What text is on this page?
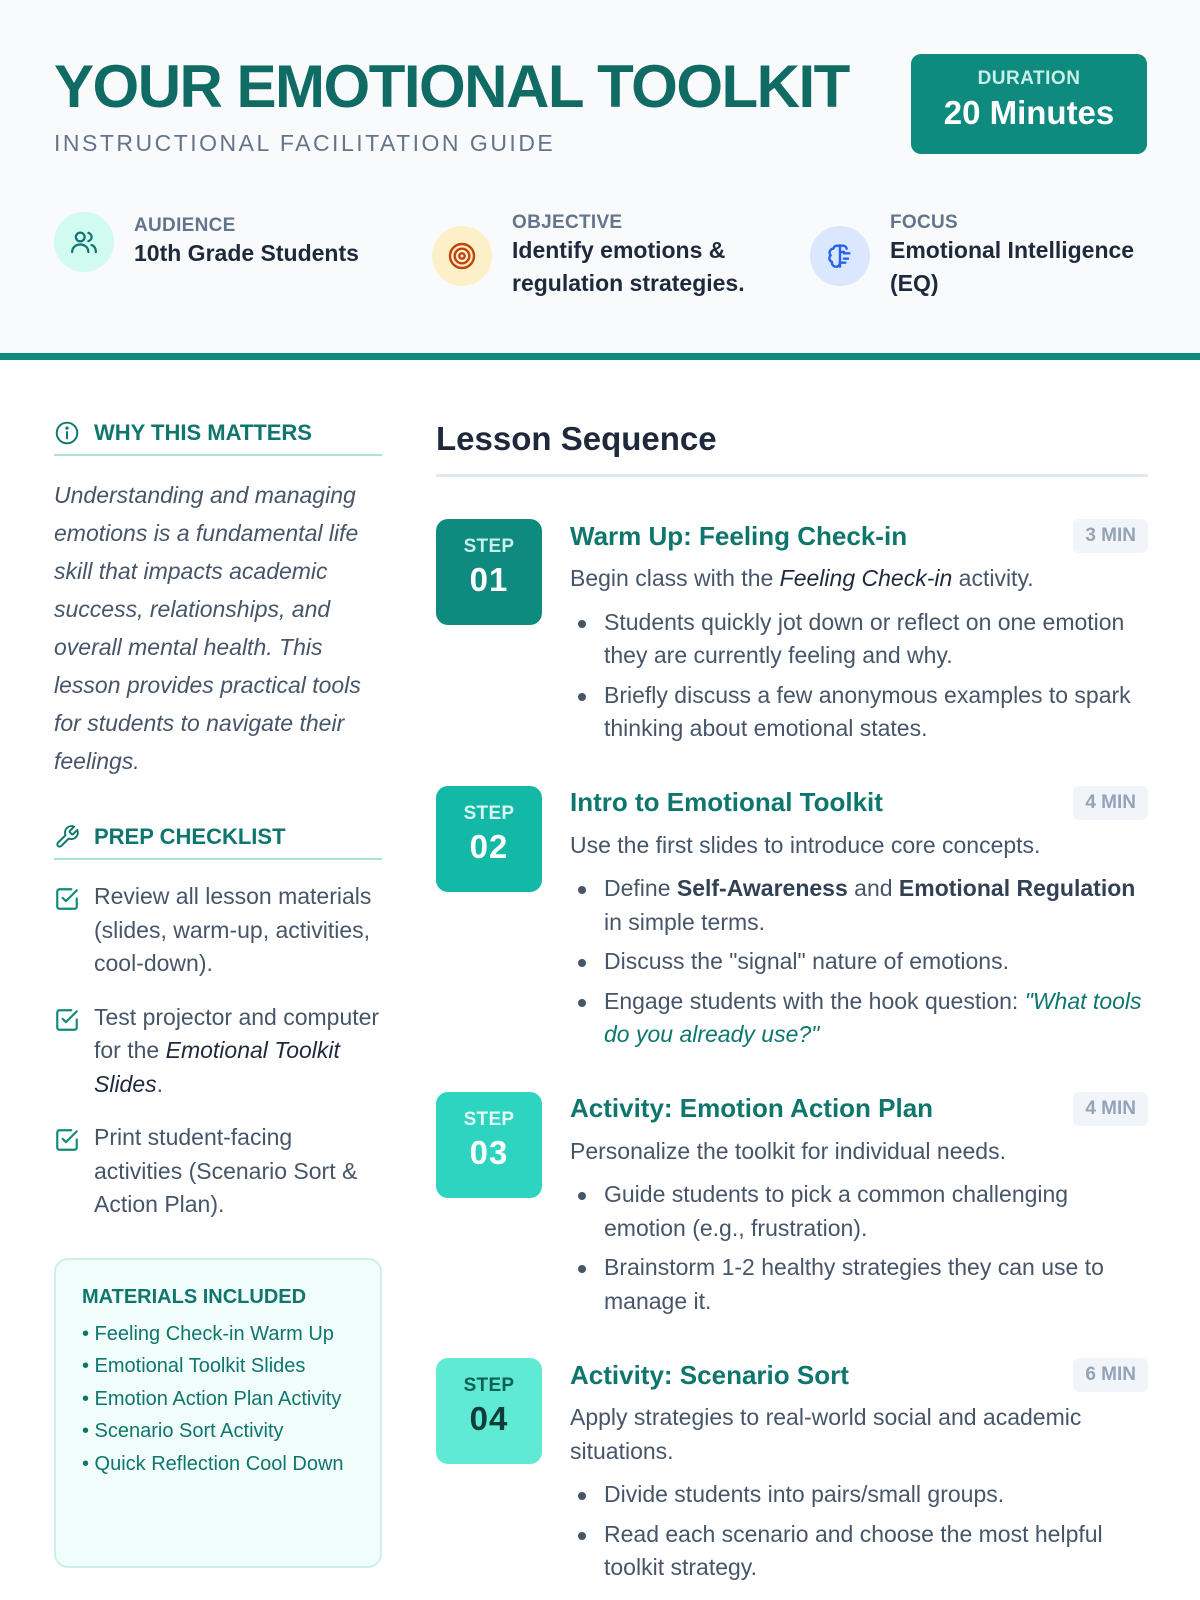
YOUR EMOTIONAL TOOLKIT
INSTRUCTIONAL FACILITATION GUIDE
DURATION
20 Minutes
AUDIENCE
10th Grade Students
OBJECTIVE
Identify emotions & regulation strategies.
FOCUS
Emotional Intelligence (EQ)
WHY THIS MATTERS
Understanding and managing emotions is a fundamental life skill that impacts academic success, relationships, and overall mental health. This lesson provides practical tools for students to navigate their feelings.
PREP CHECKLIST
Review all lesson materials (slides, warm-up, activities, cool-down).
Test projector and computer for the Emotional Toolkit Slides.
Print student-facing activities (Scenario Sort & Action Plan).
MATERIALS INCLUDED
• Feeling Check-in Warm Up
• Emotional Toolkit Slides
• Emotion Action Plan Activity
• Scenario Sort Activity
• Quick Reflection Cool Down
Lesson Sequence
STEP
01
Warm Up: Feeling Check-in	3 MIN
Begin class with the Feeling Check-in activity.
Students quickly jot down or reflect on one emotion they are currently feeling and why.
Briefly discuss a few anonymous examples to spark thinking about emotional states.
STEP
02
Intro to Emotional Toolkit	4 MIN
Use the first slides to introduce core concepts.
Define Self-Awareness and Emotional Regulation in simple terms.
Discuss the "signal" nature of emotions.
Engage students with the hook question: "What tools do you already use?"
STEP
03
Activity: Emotion Action Plan	4 MIN
Personalize the toolkit for individual needs.
Guide students to pick a common challenging emotion (e.g., frustration).
Brainstorm 1-2 healthy strategies they can use to manage it.
STEP
04
Activity: Scenario Sort	6 MIN
Apply strategies to real-world social and academic situations.
Divide students into pairs/small groups.
Read each scenario and choose the most helpful toolkit strategy.
